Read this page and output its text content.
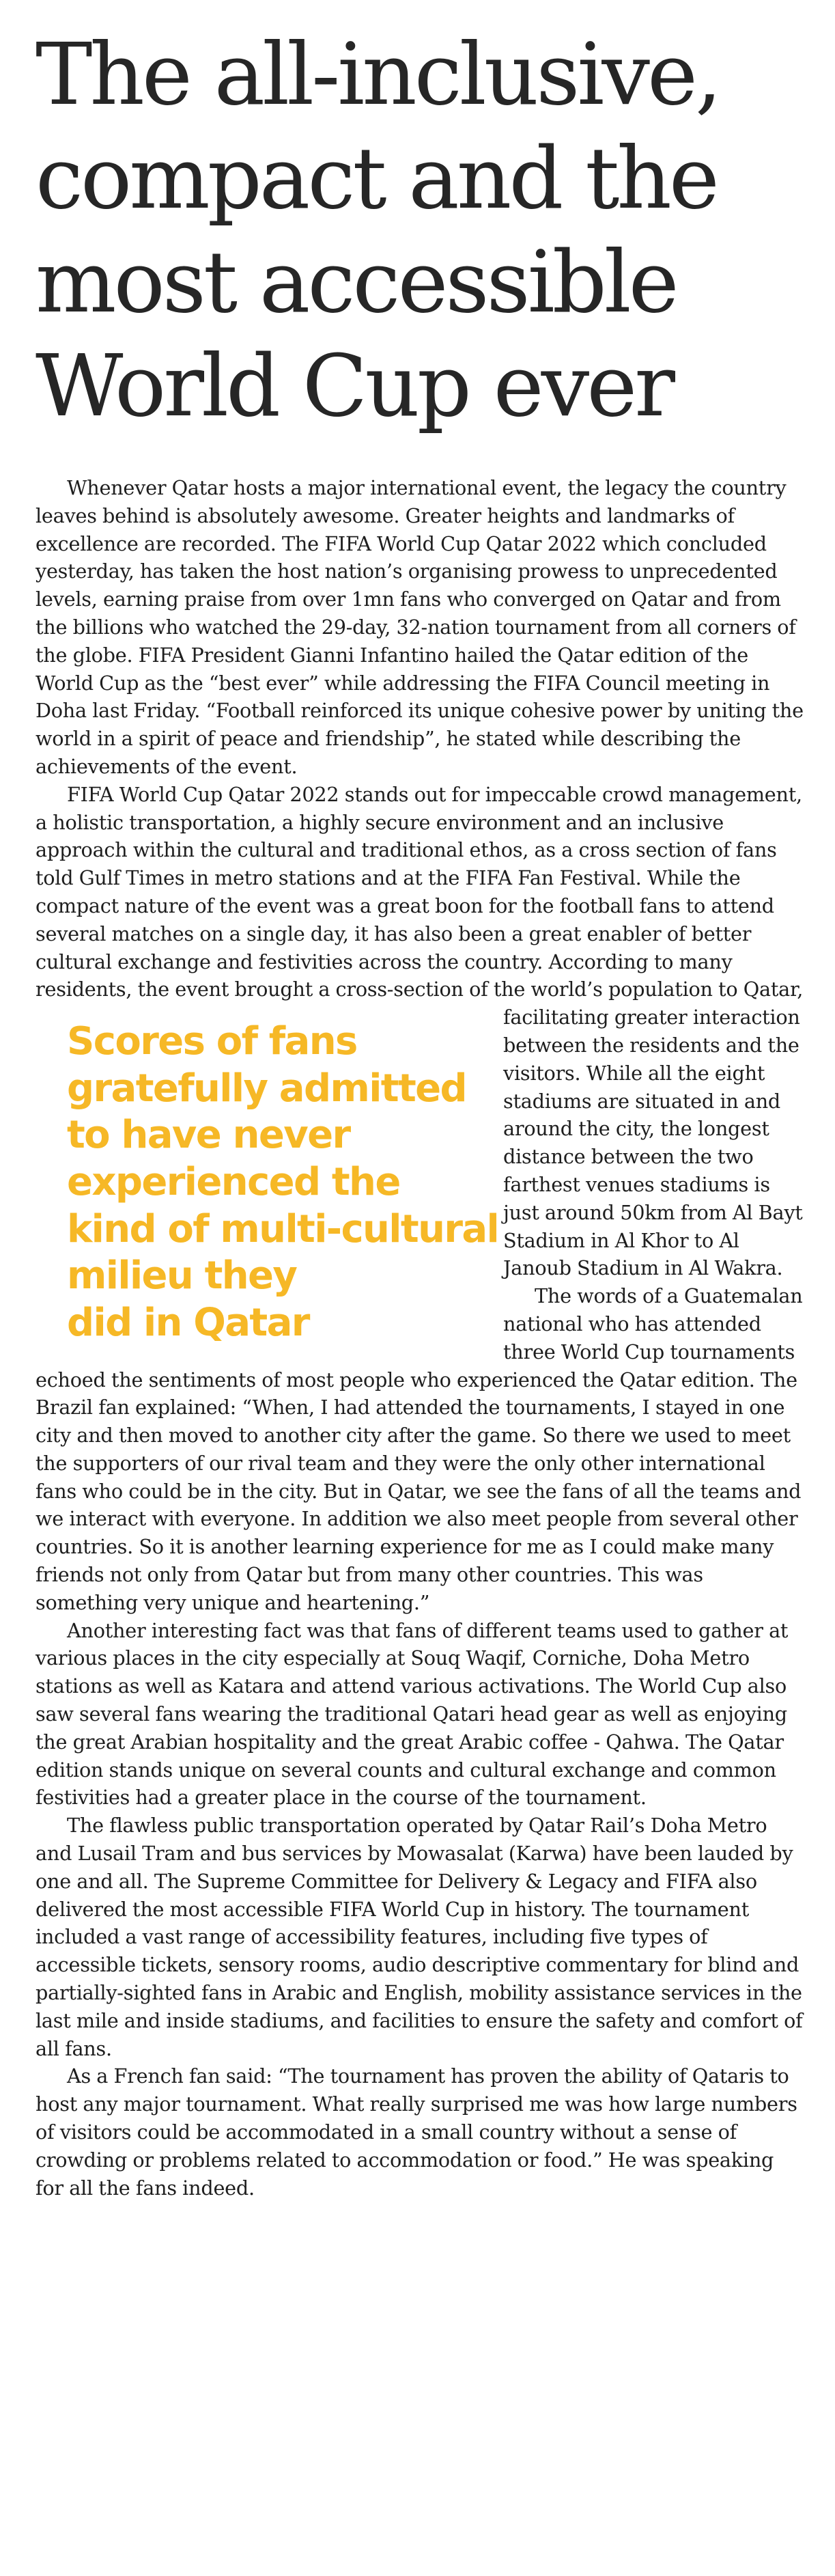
The all-inclusive, compact and the most accessible World Cup ever

Whenever Qatar hosts a major international event, the legacy the country leaves behind is absolutely awesome. Greater heights and landmarks of excellence are recorded. The FIFA World Cup Qatar 2022 which concluded yesterday, has taken the host nation’s organising prowess to unprecedented levels, earning praise from over 1mn fans who converged on Qatar and from the billions who watched the 29-day, 32-nation tournament from all corners of the globe. FIFA President Gianni Infantino hailed the Qatar edition of the World Cup as the “best ever” while addressing the FIFA Council meeting in Doha last Friday. “Football reinforced its unique cohesive power by uniting the world in a spirit of peace and friendship”, he stated while describing the achievements of the event.

FIFA World Cup Qatar 2022 stands out for impeccable crowd management, a holistic transportation, a highly secure environment and an inclusive approach within the cultural and traditional ethos, as a cross section of fans told Gulf Times in metro stations and at the FIFA Fan Festival. While the compact nature of the event was a great boon for the football fans to attend several matches on a single day, it has also been a great enabler of better cultural exchange and festivities across the country. According to many residents, the event brought a cross-section of the world’s
Scores of fans
gratefully admitted
to have never
experienced the
kind of multi-cultural
milieu they
did in Qatar
population to Qatar, facilitating greater interaction between the residents and the visitors. While all the eight stadiums are situated in and around the city, the longest distance between the two farthest venues stadiums is just around 50km from Al Bayt Stadium in Al Khor to Al Janoub Stadium in Al Wakra.

The words of a Guatemalan national who has attended three World Cup tournaments echoed the sentiments of most people who experienced the Qatar edition. The Brazil fan explained: “When, I had attended the tournaments, I stayed in one city and then moved to another city after the game. So there we used to meet the supporters of our rival team and they were the only other international fans who could be in the city. But in Qatar, we see the fans of all the teams and we interact with everyone. In addition we also meet people from several other countries. So it is another learning experience for me as I could make many friends not only from Qatar but from many other countries. This was something very unique and heartening.”

Another interesting fact was that fans of different teams used to gather at various places in the city especially at Souq Waqif, Corniche, Doha Metro stations as well as Katara and attend various activations. The World Cup also saw several fans wearing the traditional Qatari head gear as well as enjoying the great Arabian hospitality and the great Arabic coffee - Qahwa. The Qatar edition stands unique on several counts and cultural exchange and common festivities had a greater place in the course of the tournament.

The flawless public transportation operated by Qatar Rail’s Doha Metro and Lusail Tram and bus services by Mowasalat (Karwa) have been lauded by one and all. The Supreme Committee for Delivery & Legacy and FIFA also delivered the most accessible FIFA World Cup in history. The tournament included a vast range of accessibility features, including five types of accessible tickets, sensory rooms, audio descriptive commentary for blind and partially-sighted fans in Arabic and English, mobility assistance services in the last mile and inside stadiums, and facilities to ensure the safety and comfort of all fans.

As a French fan said: “The tournament has proven the ability of Qataris to host any major tournament. What really surprised me was how large numbers of visitors could be accommodated in a small country without a sense of crowding or problems related to accommodation or food.” He was speaking for all the fans indeed.
